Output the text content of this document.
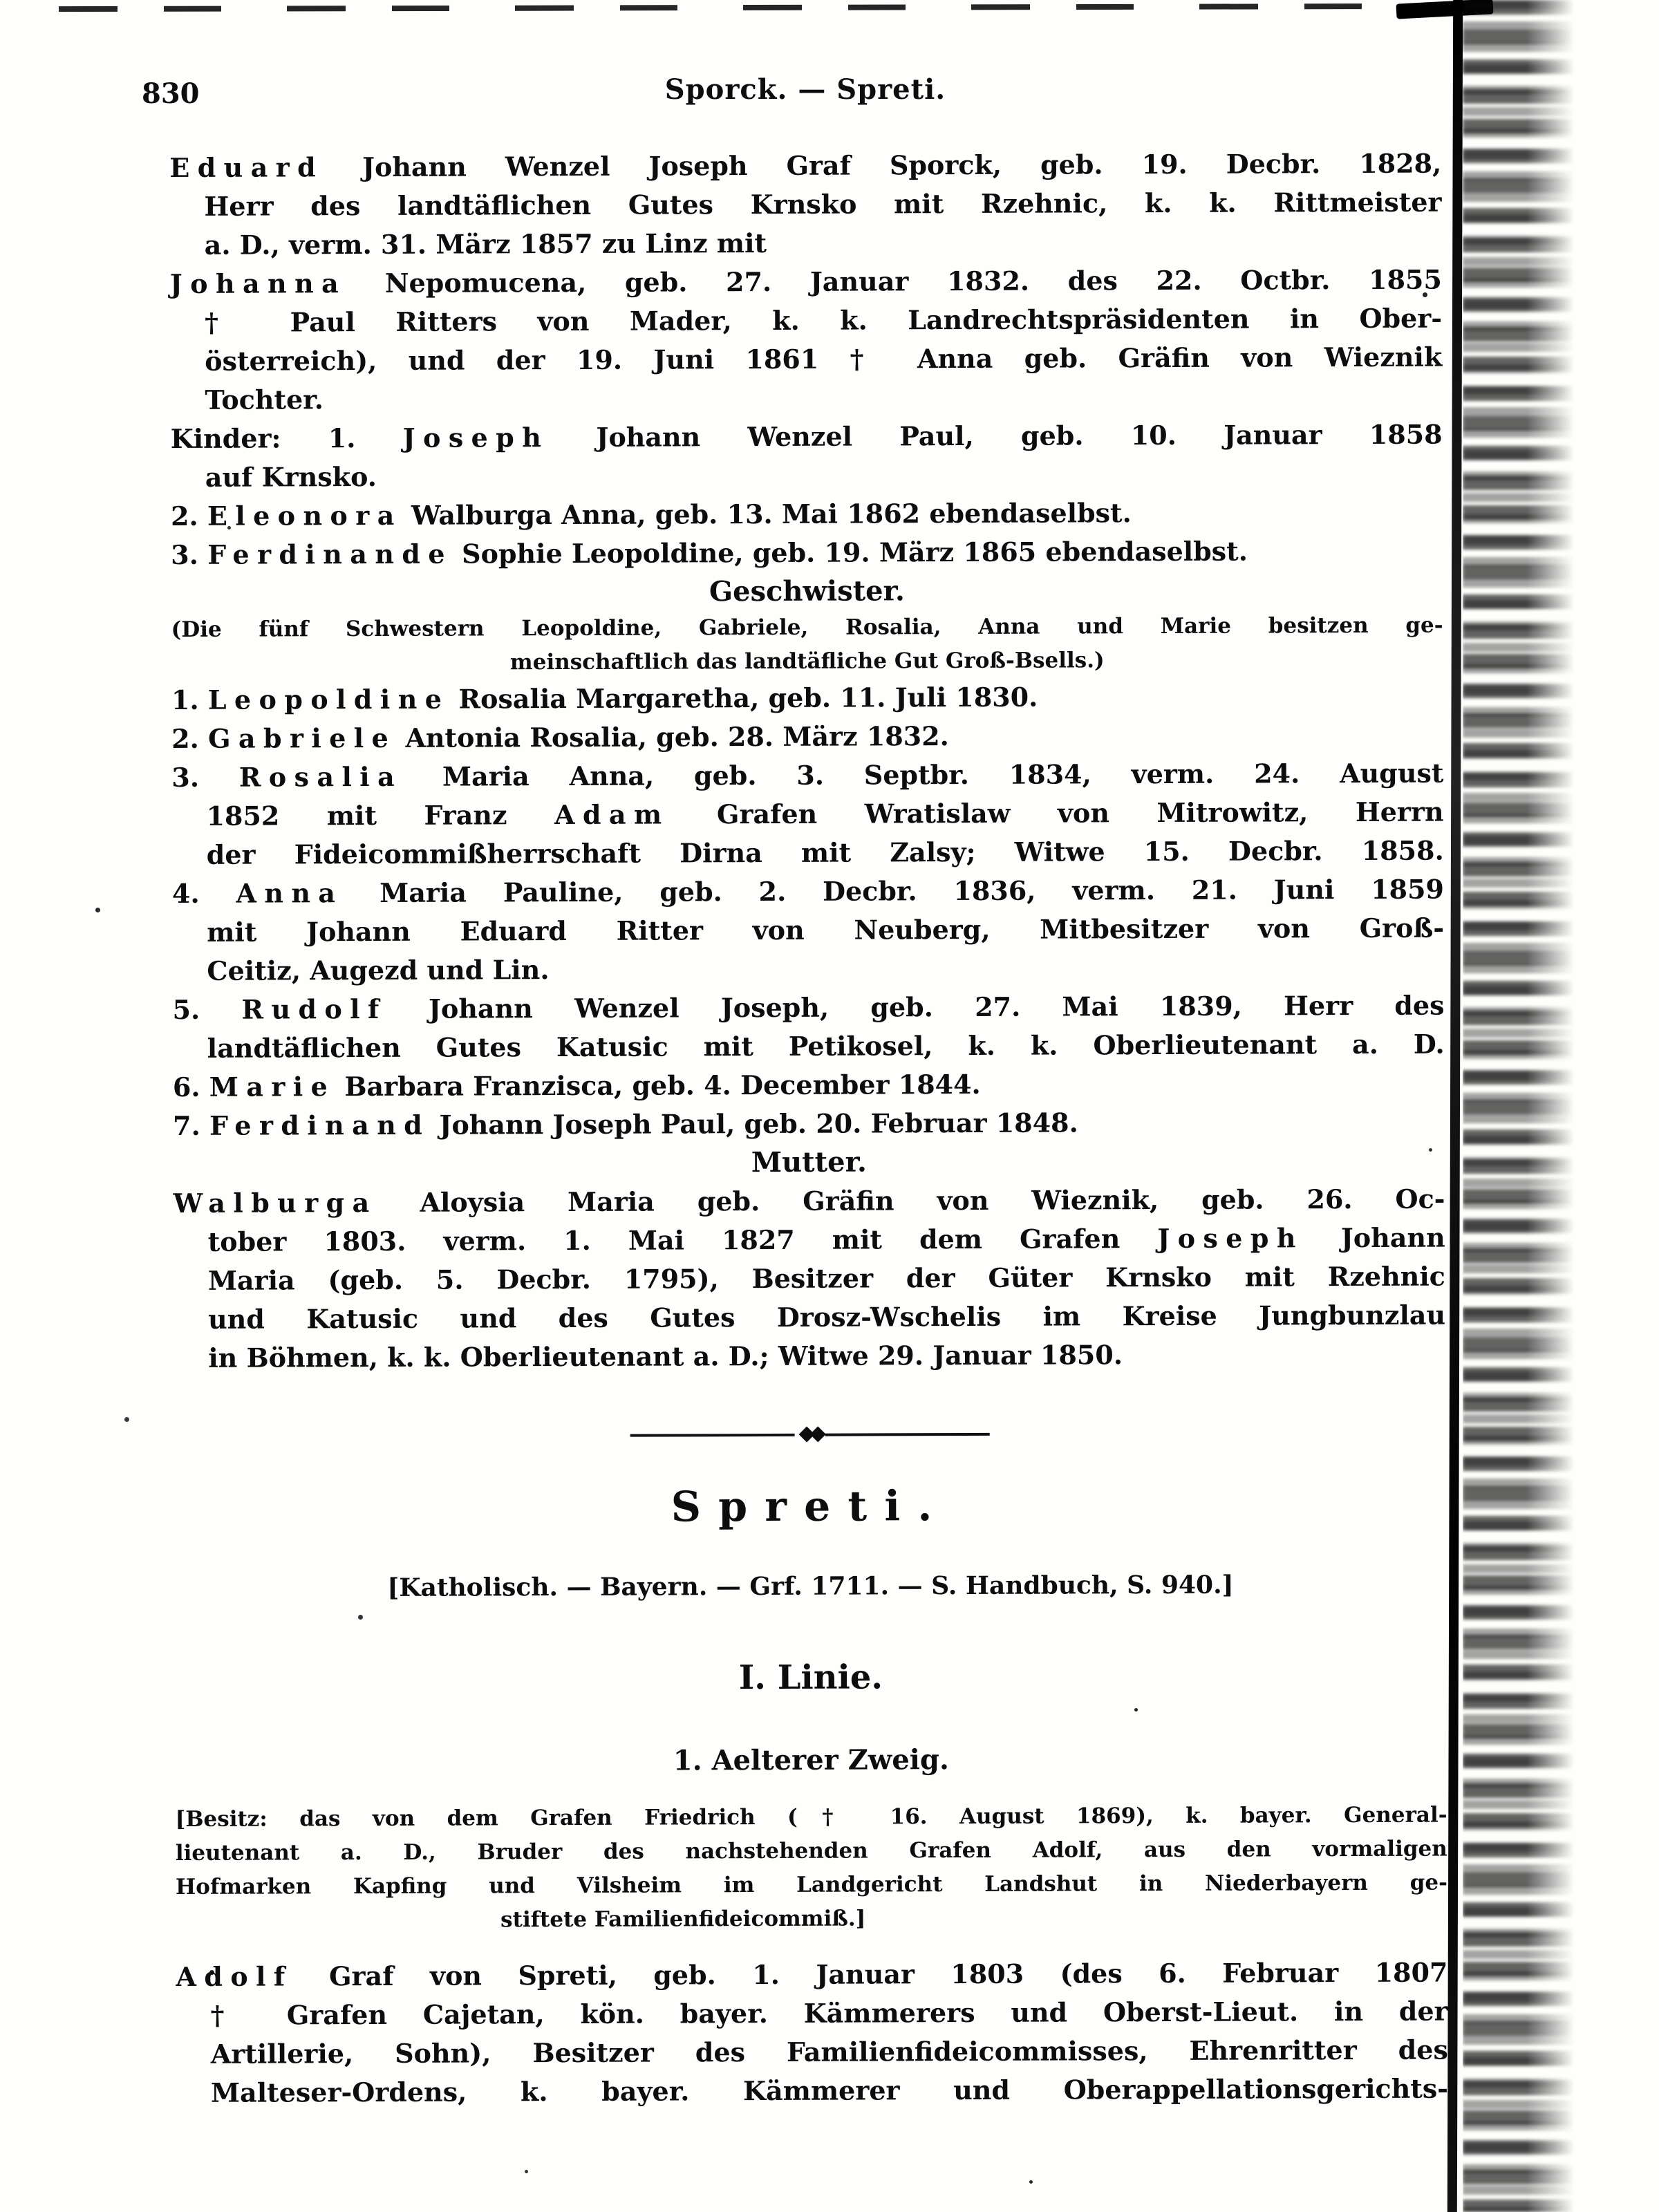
830	Sporck. — Spreti.

Eduard Johann Wenzel Joseph Graf Sporck, geb. 19. Decbr. 1828,

Herr des landtäflichen Gutes Krnsko mit Rzehnic, k. k. Rittmeister

a. D., verm. 31. März 1857 zu Linz mit

Johanna Nepomucena, geb. 27. Januar 1832. des 22. Octbr. 1855

† Paul Ritters von Mader, k. k. Landrechtspräsidenten in Ober-

österreich), und der 19. Juni 1861 † Anna geb. Gräfin von Wieznik

Tochter.

Kinder: 1. Joseph Johann Wenzel Paul, geb. 10. Januar 1858

auf Krnsko.

2. Eleonora Walburga Anna, geb. 13. Mai 1862 ebendaselbst.

3. Ferdinande Sophie Leopoldine, geb. 19. März 1865 ebendaselbst.

Geschwister.

(Die fünf Schwestern Leopoldine, Gabriele, Rosalia, Anna und Marie besitzen ge-

meinschaftlich das landtäfliche Gut Groß-Bsells.)

1. Leopoldine Rosalia Margaretha, geb. 11. Juli 1830.

2. Gabriele Antonia Rosalia, geb. 28. März 1832.

3. Rosalia Maria Anna, geb. 3. Septbr. 1834, verm. 24. August

1852 mit Franz Adam Grafen Wratislaw von Mitrowitz, Herrn

der Fideicommißherrschaft Dirna mit Zalsy; Witwe 15. Decbr. 1858.

4. Anna Maria Pauline, geb. 2. Decbr. 1836, verm. 21. Juni 1859

mit Johann Eduard Ritter von Neuberg, Mitbesitzer von Groß-

Ceitiz, Augezd und Lin.

5. Rudolf Johann Wenzel Joseph, geb. 27. Mai 1839, Herr des

landtäflichen Gutes Katusic mit Petikosel, k. k. Oberlieutenant a. D.

6. Marie Barbara Franzisca, geb. 4. December 1844.

7. Ferdinand Johann Joseph Paul, geb. 20. Februar 1848.

Mutter.

Walburga Aloysia Maria geb. Gräfin von Wieznik, geb. 26. Oc-

tober 1803. verm. 1. Mai 1827 mit dem Grafen Joseph Johann

Maria (geb. 5. Decbr. 1795), Besitzer der Güter Krnsko mit Rzehnic

und Katusic und des Gutes Drosz-Wschelis im Kreise Jungbunzlau

in Böhmen, k. k. Oberlieutenant a. D.; Witwe 29. Januar 1850.

◆◆
Spreti.

[Katholisch. — Bayern. — Grf. 1711. — S. Handbuch, S. 940.]

I. Linie.
1. Aelterer Zweig.

[Besitz: das von dem Grafen Friedrich († 16. August 1869), k. bayer. General-

lieutenant a. D., Bruder des nachstehenden Grafen Adolf, aus den vormaligen

Hofmarken Kapfing und Vilsheim im Landgericht Landshut in Niederbayern ge-

stiftete Familienfideicommiß.]

Adolf Graf von Spreti, geb. 1. Januar 1803 (des 6. Februar 1807

† Grafen Cajetan, kön. bayer. Kämmerers und Oberst-Lieut. in der

Artillerie, Sohn), Besitzer des Familienfideicommisses, Ehrenritter des

Malteser-Ordens, k. bayer. Kämmerer und Oberappellationsgerichts-
